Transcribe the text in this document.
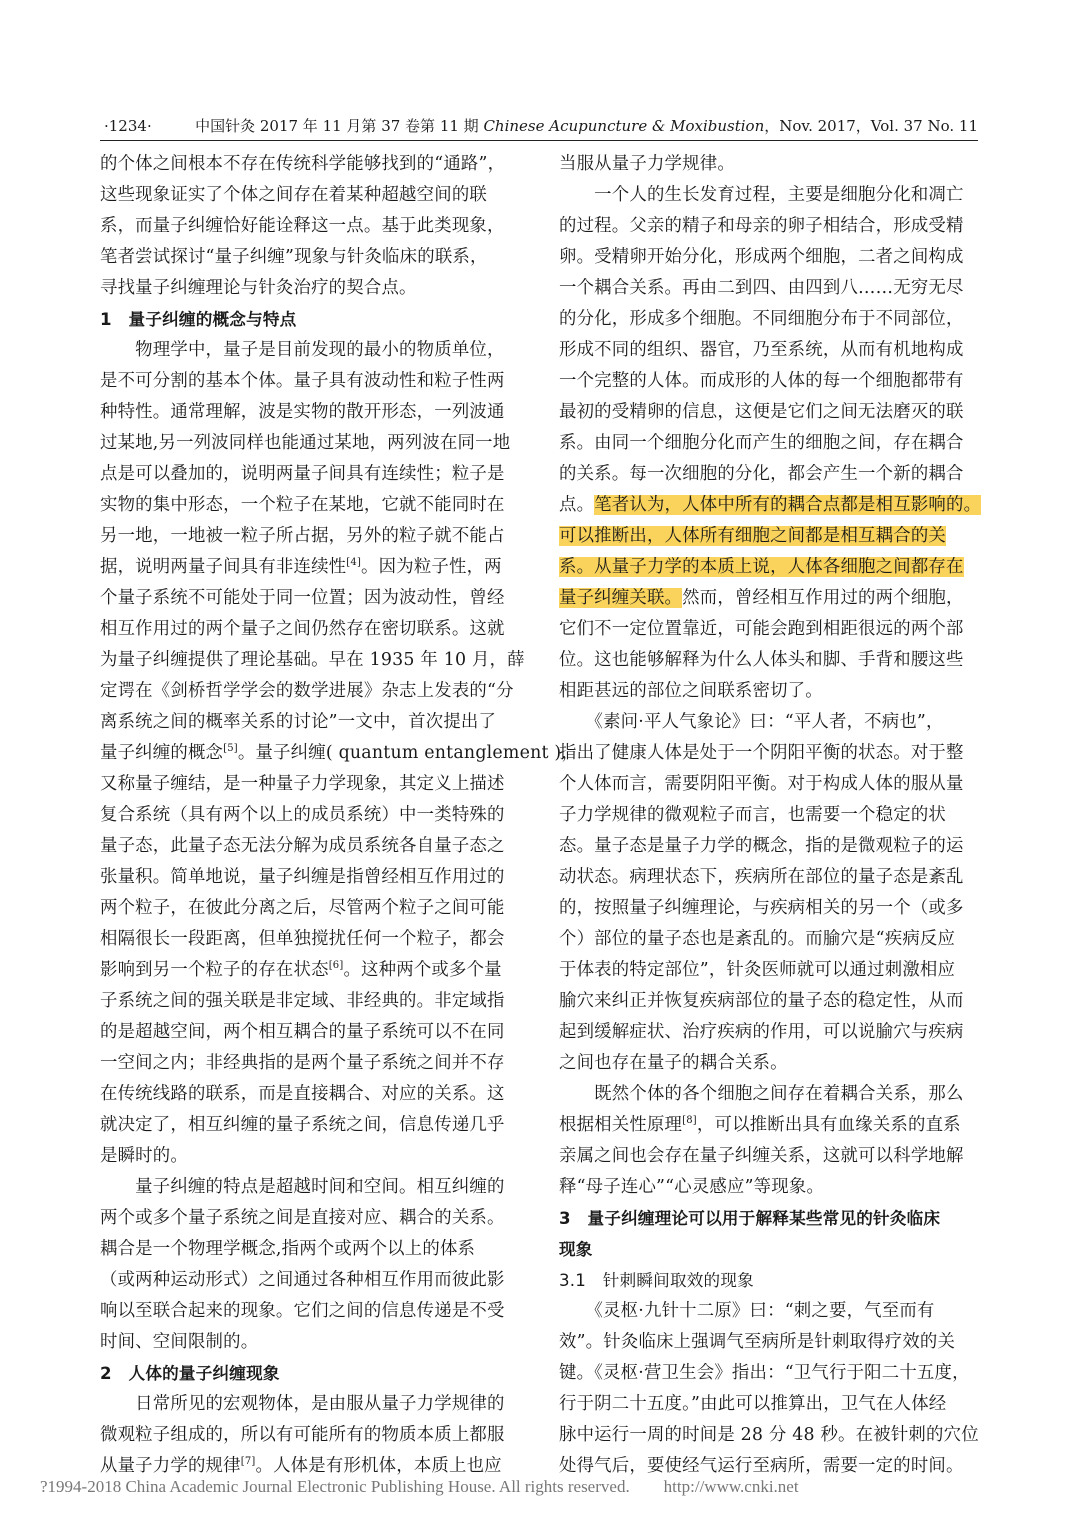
·1234·	中国针灸 2017 年 11 月第 37 卷第 11 期 Chinese Acupuncture & Moxibustion，Nov. 2017，Vol. 37 No. 11
的个体之间根本不存在传统科学能够找到的“通路”，
这些现象证实了个体之间存在着某种超越空间的联
系，而量子纠缠恰好能诠释这一点。基于此类现象，
笔者尝试探讨“量子纠缠”现象与针灸临床的联系，
寻找量子纠缠理论与针灸治疗的契合点。
1　量子纠缠的概念与特点
　　物理学中，量子是目前发现的最小的物质单位，
是不可分割的基本个体。量子具有波动性和粒子性两
种特性。通常理解，波是实物的散开形态，一列波通
过某地,另一列波同样也能通过某地，两列波在同一地
点是可以叠加的，说明两量子间具有连续性；粒子是
实物的集中形态，一个粒子在某地，它就不能同时在
另一地，一地被一粒子所占据，另外的粒子就不能占
据，说明两量子间具有非连续性[4]。因为粒子性，两
个量子系统不可能处于同一位置；因为波动性，曾经
相互作用过的两个量子之间仍然存在密切联系。这就
为量子纠缠提供了理论基础。早在 1935 年 10 月，薛
定谔在《剑桥哲学学会的数学进展》杂志上发表的“分
离系统之间的概率关系的讨论”一文中，首次提出了
量子纠缠的概念[5]。量子纠缠( quantum entanglement )，
又称量子缠结，是一种量子力学现象，其定义上描述
复合系统（具有两个以上的成员系统）中一类特殊的
量子态，此量子态无法分解为成员系统各自量子态之
张量积。简单地说，量子纠缠是指曾经相互作用过的
两个粒子，在彼此分离之后，尽管两个粒子之间可能
相隔很长一段距离，但单独搅扰任何一个粒子，都会
影响到另一个粒子的存在状态[6]。这种两个或多个量
子系统之间的强关联是非定域、非经典的。非定域指
的是超越空间，两个相互耦合的量子系统可以不在同
一空间之内；非经典指的是两个量子系统之间并不存
在传统线路的联系，而是直接耦合、对应的关系。这
就决定了，相互纠缠的量子系统之间，信息传递几乎
是瞬时的。
　　量子纠缠的特点是超越时间和空间。相互纠缠的
两个或多个量子系统之间是直接对应、耦合的关系。
耦合是一个物理学概念,指两个或两个以上的体系
（或两种运动形式）之间通过各种相互作用而彼此影
响以至联合起来的现象。它们之间的信息传递是不受
时间、空间限制的。
2　人体的量子纠缠现象
　　日常所见的宏观物体，是由服从量子力学规律的
微观粒子组成的，所以有可能所有的物质本质上都服
从量子力学的规律[7]。人体是有形机体，本质上也应
当服从量子力学规律。
　　一个人的生长发育过程，主要是细胞分化和凋亡
的过程。父亲的精子和母亲的卵子相结合，形成受精
卵。受精卵开始分化，形成两个细胞，二者之间构成
一个耦合关系。再由二到四、由四到八……无穷无尽
的分化，形成多个细胞。不同细胞分布于不同部位，
形成不同的组织、器官，乃至系统，从而有机地构成
一个完整的人体。而成形的人体的每一个细胞都带有
最初的受精卵的信息，这便是它们之间无法磨灭的联
系。由同一个细胞分化而产生的细胞之间，存在耦合
的关系。每一次细胞的分化，都会产生一个新的耦合
点。笔者认为，人体中所有的耦合点都是相互影响的。
可以推断出，人体所有细胞之间都是相互耦合的关
系。从量子力学的本质上说，人体各细胞之间都存在
量子纠缠关联。然而，曾经相互作用过的两个细胞，
它们不一定位置靠近，可能会跑到相距很远的两个部
位。这也能够解释为什么人体头和脚、手背和腰这些
相距甚远的部位之间联系密切了。
　　《素问·平人气象论》曰：“平人者，不病也”，
指出了健康人体是处于一个阴阳平衡的状态。对于整
个人体而言，需要阴阳平衡。对于构成人体的服从量
子力学规律的微观粒子而言，也需要一个稳定的状
态。量子态是量子力学的概念，指的是微观粒子的运
动状态。病理状态下，疾病所在部位的量子态是紊乱
的，按照量子纠缠理论，与疾病相关的另一个（或多
个）部位的量子态也是紊乱的。而腧穴是“疾病反应
于体表的特定部位”，针灸医师就可以通过刺激相应
腧穴来纠正并恢复疾病部位的量子态的稳定性，从而
起到缓解症状、治疗疾病的作用，可以说腧穴与疾病
之间也存在量子的耦合关系。
　　既然个体的各个细胞之间存在着耦合关系，那么
根据相关性原理[8]，可以推断出具有血缘关系的直系
亲属之间也会存在量子纠缠关系，这就可以科学地解
释“母子连心”“心灵感应”等现象。
3　量子纠缠理论可以用于解释某些常见的针灸临床
现象
3.1　针刺瞬间取效的现象
　　《灵枢·九针十二原》曰：“刺之要，气至而有
效”。针灸临床上强调气至病所是针刺取得疗效的关
键。《灵枢·营卫生会》指出：“卫气行于阳二十五度，
行于阴二十五度。”由此可以推算出，卫气在人体经
脉中运行一周的时间是 28 分 48 秒。在被针刺的穴位
处得气后，要使经气运行至病所，需要一定的时间。
?1994-2018 China Academic Journal Electronic Publishing House. All rights reserved.　　http://www.cnki.net
